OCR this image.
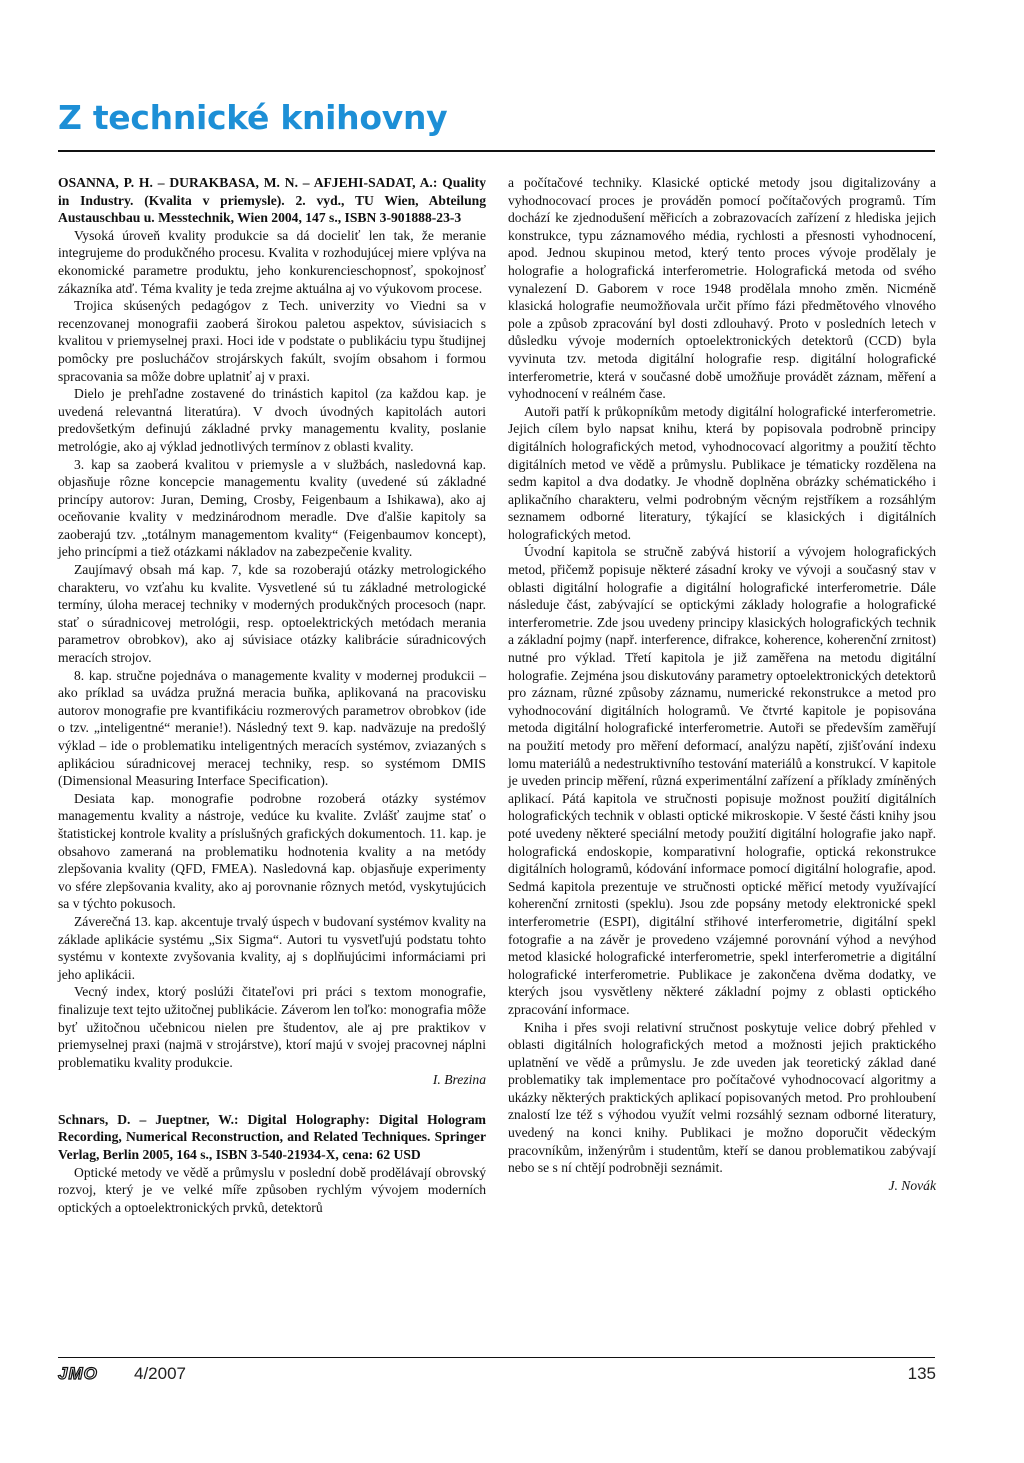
Z technické knihovny

OSANNA, P. H. – DURAKBASA, M. N. – AFJEHI-SADAT, A.: Quality in Industry. (Kvalita v priemysle). 2. vyd., TU Wien, Abteilung Austauschbau u. Messtechnik, Wien 2004, 147 s., ISBN 3-901888-23-3

Vysoká úroveň kvality produkcie sa dá docieliť len tak, že meranie integrujeme do produkčného procesu. Kvalita v rozhodujúcej miere vplýva na ekonomické parametre produktu, jeho konkurencieschopnosť, spokojnosť zákazníka atď. Téma kvality je teda zrejme aktuálna aj vo výukovom procese.

Trojica skúsených pedagógov z Tech. univerzity vo Viedni sa v recenzovanej monografii zaoberá širokou paletou aspektov, súvisiacich s kvalitou v priemyselnej praxi. Hoci ide v podstate o publikáciu typu študijnej pomôcky pre poslucháčov strojárskych fakúlt, svojím obsahom i formou spracovania sa môže dobre uplatniť aj v praxi.

Dielo je prehľadne zostavené do trinástich kapitol (za každou kap. je uvedená relevantná literatúra). V dvoch úvodných kapitolách autori predovšetkým definujú základné prvky managementu kvality, poslanie metrológie, ako aj výklad jednotlivých termínov z oblasti kvality.

3. kap sa zaoberá kvalitou v priemysle a v službách, nasledovná kap. objasňuje rôzne koncepcie managementu kvality (uvedené sú základné princípy autorov: Juran, Deming, Crosby, Feigenbaum a Ishikawa), ako aj oceňovanie kvality v medzinárodnom meradle. Dve ďalšie kapitoly sa zaoberajú tzv. „totálnym managementom kvality“ (Feigenbaumov koncept), jeho princípmi a tiež otázkami nákladov na zabezpečenie kvality.

Zaujímavý obsah má kap. 7, kde sa rozoberajú otázky metrologického charakteru, vo vzťahu ku kvalite. Vysvetlené sú tu základné metrologické termíny, úloha meracej techniky v moderných produkčných procesoch (napr. stať o súradnicovej metrológii, resp. optoelektrických metódach merania parametrov obrobkov), ako aj súvisiace otázky kalibrácie súradnicových meracích strojov.

8. kap. stručne pojednáva o managemente kvality v modernej produkcii – ako príklad sa uvádza pružná meracia buňka, aplikovaná na pracovisku autorov monografie pre kvantifikáciu rozmerových parametrov obrobkov (ide o tzv. „inteligentné“ meranie!). Následný text 9. kap. nadväzuje na predošlý výklad – ide o problematiku inteligentných meracích systémov, zviazaných s aplikáciou súradnicovej meracej techniky, resp. so systémom DMIS (Dimensional Measuring Interface Specification).

Desiata kap. monografie podrobne rozoberá otázky systémov managementu kvality a nástroje, vedúce ku kvalite. Zvlášť zaujme stať o štatistickej kontrole kvality a príslušných grafických dokumentoch. 11. kap. je obsahovo zameraná na problematiku hodnotenia kvality a na metódy zlepšovania kvality (QFD, FMEA). Nasledovná kap. objasňuje experimenty vo sfére zlepšovania kvality, ako aj porovnanie rôznych metód, vyskytujúcich sa v týchto pokusoch.

Záverečná 13. kap. akcentuje trvalý úspech v budovaní systémov kvality na základe aplikácie systému „Six Sigma“. Autori tu vysvetľujú podstatu tohto systému v kontexte zvyšovania kvality, aj s doplňujúcimi informáciami pri jeho aplikácii.

Vecný index, ktorý poslúži čitateľovi pri práci s textom monografie, finalizuje text tejto užitočnej publikácie. Záverom len toľko: monografia môže byť užitočnou učebnicou nielen pre študentov, ale aj pre praktikov v priemyselnej praxi (najmä v strojárstve), ktorí majú v svojej pracovnej náplni problematiku kvality produkcie.

I. Brezina

Schnars, D. – Jueptner, W.: Digital Holography: Digital Hologram Recording, Numerical Reconstruction, and Related Techniques. Springer Verlag, Berlin 2005, 164 s., ISBN 3-540-21934-X, cena: 62 USD

Optické metody ve vědě a průmyslu v poslední době prodělávají obrovský rozvoj, který je ve velké míře způsoben rychlým vývojem moderních optických a optoelektronických prvků, detektorů

a počítačové techniky. Klasické optické metody jsou digitalizovány a vyhodnocovací proces je prováděn pomocí počítačových programů. Tím dochází ke zjednodušení měřicích a zobrazovacích zařízení z hlediska jejich konstrukce, typu záznamového média, rychlosti a přesnosti vyhodnocení, apod. Jednou skupinou metod, který tento proces vývoje prodělaly je holografie a holografická interferometrie. Holografická metoda od svého vynalezení D. Gaborem v roce 1948 prodělala mnoho změn. Nicméně klasická holografie neumožňovala určit přímo fázi předmětového vlnového pole a způsob zpracování byl dosti zdlouhavý. Proto v posledních letech v důsledku vývoje moderních optoelektronických detektorů (CCD) byla vyvinuta tzv. metoda digitální holografie resp. digitální holografické interferometrie, která v současné době umožňuje provádět záznam, měření a vyhodnocení v reálném čase.

Autoři patří k průkopníkům metody digitální holografické interferometrie. Jejich cílem bylo napsat knihu, která by popisovala podrobně principy digitálních holografických metod, vyhodnocovací algoritmy a použití těchto digitálních metod ve vědě a průmyslu. Publikace je tématicky rozdělena na sedm kapitol a dva dodatky. Je vhodně doplněna obrázky schématického i aplikačního charakteru, velmi podrobným věcným rejstříkem a rozsáhlým seznamem odborné literatury, týkající se klasických i digitálních holografických metod.

Úvodní kapitola se stručně zabývá historií a vývojem holografických metod, přičemž popisuje některé zásadní kroky ve vývoji a současný stav v oblasti digitální holografie a digitální holografické interferometrie. Dále následuje část, zabývající se optickými základy holografie a holografické interferometrie. Zde jsou uvedeny principy klasických holografických technik a základní pojmy (např. interference, difrakce, koherence, koherenční zrnitost) nutné pro výklad. Třetí kapitola je již zaměřena na metodu digitální holografie. Zejména jsou diskutovány parametry optoelektronických detektorů pro záznam, různé způsoby záznamu, numerické rekonstrukce a metod pro vyhodnocování digitálních hologramů. Ve čtvrté kapitole je popisována metoda digitální holografické interferometrie. Autoři se především zaměřují na použití metody pro měření deformací, analýzu napětí, zjišťování indexu lomu materiálů a nedestruktivního testování materiálů a konstrukcí. V kapitole je uveden princip měření, různá experimentální zařízení a příklady zmíněných aplikací. Pátá kapitola ve stručnosti popisuje možnost použití digitálních holografických technik v oblasti optické mikroskopie. V šesté části knihy jsou poté uvedeny některé speciální metody použití digitální holografie jako např. holografická endoskopie, komparativní holografie, optická rekonstrukce digitálních hologramů, kódování informace pomocí digitální holografie, apod. Sedmá kapitola prezentuje ve stručnosti optické měřicí metody využívající koherenční zrnitosti (speklu). Jsou zde popsány metody elektronické spekl interferometrie (ESPI), digitální střihové interferometrie, digitální spekl fotografie a na závěr je provedeno vzájemné porovnání výhod a nevýhod metod klasické holografické interferometrie, spekl interferometrie a digitální holografické interferometrie. Publikace je zakončena dvěma dodatky, ve kterých jsou vysvětleny některé základní pojmy z oblasti optického zpracování informace.

Kniha i přes svoji relativní stručnost poskytuje velice dobrý přehled v oblasti digitálních holografických metod a možnosti jejich praktického uplatnění ve vědě a průmyslu. Je zde uveden jak teoretický základ dané problematiky tak implementace pro počítačové vyhodnocovací algoritmy a ukázky některých praktických aplikací popisovaných metod. Pro prohloubení znalostí lze též s výhodou využít velmi rozsáhlý seznam odborné literatury, uvedený na konci knihy. Publikaci je možno doporučit vědeckým pracovníkům, inženýrům i studentům, kteří se danou problematikou zabývají nebo se s ní chtějí podrobněji seznámit.

J. Novák

JMO 4/2007	135
